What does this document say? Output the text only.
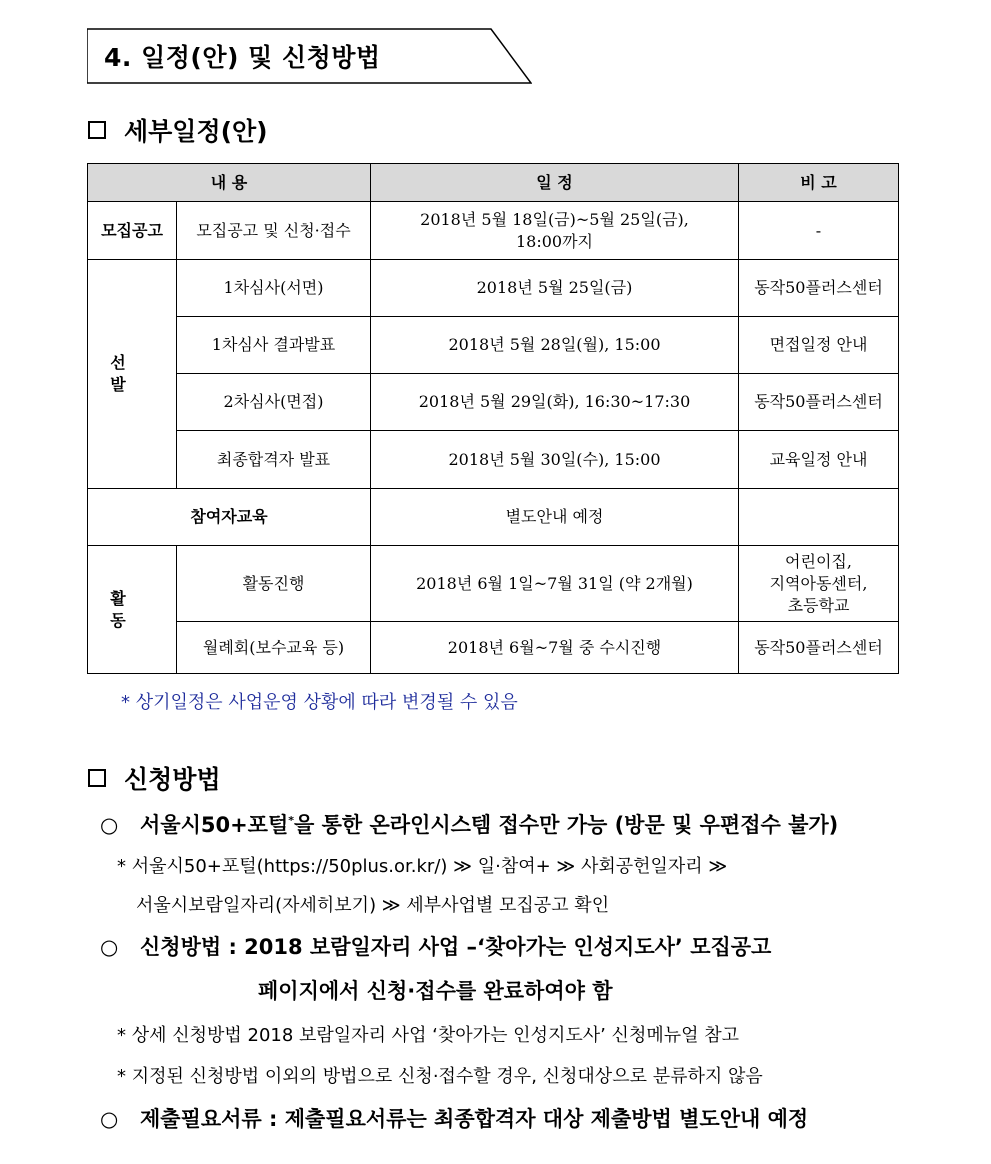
4. 일정(안) 및 신청방법
세부일정(안)
내 용		일 정	비 고
모집공고	모집공고 및 신청·접수	2018년 5월 18일(금)~5월 25일(금),
18:00까지	-
선 발	1차심사(서면)	2018년 5월 25일(금)	동작50플러스센터
	1차심사 결과발표	2018년 5월 28일(월), 15:00	면접일정 안내
	2차심사(면접)	2018년 5월 29일(화), 16:30~17:30	동작50플러스센터
	최종합격자 발표	2018년 5월 30일(수), 15:00	교육일정 안내
참여자교육		별도안내 예정	
활 동	활동진행	2018년 6월 1일~7월 31일 (약 2개월)	어린이집,
지역아동센터,
초등학교

	월례회(보수교육 등)	2018년 6월~7월 중 수시진행	동작50플러스센터
* 상기일정은 사업운영 상황에 따라 변경될 수 있음
신청방법
○ 서울시50+포털*을 통한 온라인시스템 접수만 가능 (방문 및 우편접수 불가)
* 서울시50+포털(https://50plus.or.kr/) ≫ 일·참여+ ≫ 사회공헌일자리 ≫
서울시보람일자리(자세히보기) ≫ 세부사업별 모집공고 확인
○ 신청방법 : 2018 보람일자리 사업 –‘찾아가는 인성지도사’ 모집공고
페이지에서 신청·접수를 완료하여야 함
* 상세 신청방법 2018 보람일자리 사업 ‘찾아가는 인성지도사’ 신청메뉴얼 참고
* 지정된 신청방법 이외의 방법으로 신청·접수할 경우, 신청대상으로 분류하지 않음
○ 제출필요서류 : 제출필요서류는 최종합격자 대상 제출방법 별도안내 예정
